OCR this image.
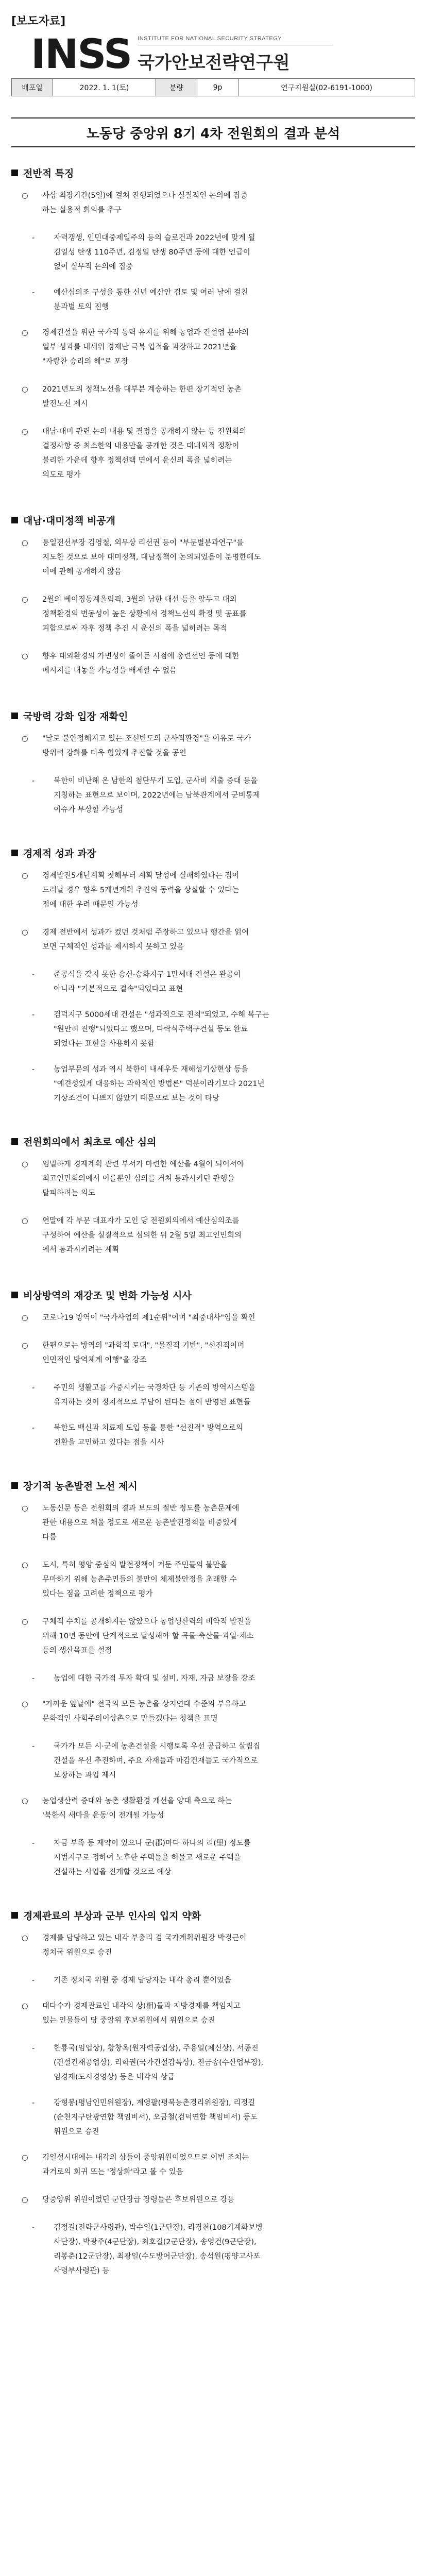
[보도자료]
INSS INSTITUTE FOR NATIONAL SECURITY STRATEGY
국가안보전략연구원
배포일	2022. 1. 1(토)	분량	9p	연구지원실(02-6191-1000)
노동당 중앙위 8기 4차 전원회의 결과 분석
전반적 특징
○ 사상 최장기간(5일)에 걸쳐 진행되었으나 실질적인 논의에 집중
하는 실용적 회의를 추구
-	자력갱생, 인민대중제일주의 등의 슬로건과 2022년에 맞게 될
김일성 탄생 110주년, 김정일 탄생 80주년 등에 대한 언급이
없이 실무적 논의에 집중
-	예산심의조 구성을 통한 신년 예산안 검토 및 여러 날에 걸친
분과별 토의 진행
○ 경제건설을 위한 국가적 동력 유지를 위해 농업과 건설업 분야의
일부 성과를 내세워 경제난 극복 업적을 과장하고 2021년을
"자랑찬 승리의 해"로 포장
○ 2021년도의 정책노선을 대부분 계승하는 한편 장기적인 농촌
발전노선 제시
○ 대남·대미 관련 논의 내용 및 결정을 공개하지 않는 등 전원회의
결정사항 중 최소한의 내용만을 공개한 것은 대내외적 정황이
불리한 가운데 향후 정책선택 면에서 운신의 폭을 넓히려는
의도로 평가
대남·대미정책 비공개
○ 통일전선부장 김영철, 외무상 리선권 등이 "부문별분과연구"를
지도한 것으로 보아 대미정책, 대남정책이 논의되었음이 분명한데도
이에 관해 공개하지 않음
○ 2월의 베이징동계올림픽, 3월의 남한 대선 등을 앞두고 대외
정책환경의 변동성이 높은 상황에서 정책노선의 확정 및 공표를
피함으로써 자후 정책 추진 시 운신의 폭을 넓히려는 목적
○ 향후 대외환경의 가변성이 줄어든 시점에 총련선언 등에 대한
메시지를 내놓을 가능성을 배제할 수 없음
국방력 강화 입장 재확인
○ "날로 불안정해지고 있는 조선반도의 군사적환경"을 이유로 국가
방위력 강화를 더욱 힘있게 추진할 것을 공언
-	북한이 비난해 온 남한의 첨단무기 도입, 군사비 지출 증대 등을
지칭하는 표현으로 보이며, 2022년에는 남북관계에서 군비통제
이슈가 부상할 가능성
경제적 성과 과장
○ 경제발전5개년계획 첫해부터 계획 달성에 실패하였다는 점이
드러날 경우 향후 5개년계획 추진의 동력을 상실할 수 있다는
점에 대한 우려 때문일 가능성
○ 경제 전반에서 성과가 컸던 것처럼 주장하고 있으나 행간을 읽어
보면 구체적인 성과를 제시하지 못하고 있음
-	준공식을 갖지 못한 송신·송화지구 1만세대 건설은 완공이
아니라 "기본적으로 결속"되었다고 표현
-	검덕지구 5000세대 건설은 "성과적으로 진척"되었고, 수해 복구는
"원만히 진행"되었다고 했으며, 다락식주택구건설 등도 완료
되었다는 표현을 사용하지 못함
-	농업부문의 성과 역시 북한이 내세우듯 재해성기상현상 등을
"예견성있게 대응하는 과학적인 방법론" 덕분이라기보다 2021년
기상조건이 나쁘지 않았기 때문으로 보는 것이 타당
전원회의에서 최초로 예산 심의
○ 엄밀하게 경제계획 관련 부서가 마련한 예산을 4월이 되어서야
최고인민회의에서 이를뿐인 심의를 거쳐 통과시키던 관행을
탈피하려는 의도
○ 연말에 각 부문 대표자가 모인 당 전원회의에서 예산심의조를
구성하여 예산을 실질적으로 심의한 뒤 2월 5일 최고인민회의
에서 통과시키려는 계획
비상방역의 재강조 및 변화 가능성 시사
○ 코로나19 방역이 "국가사업의 제1순위"이며 "최중대사"임을 확인
○ 한편으로는 방역의 "과학적 토대", "물질적 기반", "선진적이며
인민적인 방역체계 이행"을 강조
-	주민의 생활고를 가중시키는 국경차단 등 기존의 방역시스템을
유지하는 것이 정치적으로 부담이 된다는 점이 반영된 표현들
-	북한도 백신과 치료제 도입 등을 통한 "선진적" 방역으로의
전환을 고민하고 있다는 점을 시사
장기적 농촌발전 노선 제시
○ 노동신문 등은 전원회의 결과 보도의 절반 정도를 농촌문제에
관한 내용으로 채울 정도로 새로운 농촌발전정책을 비중있게
다룸
○ 도시, 특히 평양 중심의 발전정책이 거둔 주민들의 불만을
무마하기 위해 농촌주민들의 불만이 체제불안정을 초래할 수
있다는 점을 고려한 정책으로 평가
○ 구체적 수치를 공개하지는 않았으나 농업생산력의 비약적 발전을
위해 10년 동안에 단계적으로 달성해야 할 곡물·축산물·과일·채소
등의 생산목표를 설정
-	농업에 대한 국가적 투자 확대 및 설비, 자재, 자금 보장을 강조
○ "가까운 앞날에" 전국의 모든 농촌을 상지연대 수준의 부유하고
문화적인 사회주의이상촌으로 만들겠다는 청책을 표명
-	국가가 모든 시·군에 농촌건설을 시행토록 우선 공급하고 살림집
건설을 우선 추진하며, 주요 자재들과 마감건재들도 국가적으로
보장하는 과업 제시
○ 농업생산력 증대와 농촌 생활환경 개선을 양대 축으로 하는
'북한식 새마을 운동'이 전개될 가능성
-	자금 부족 등 제약이 있으나 군(郡)마다 하나의 리(里) 정도를
시범지구로 정하여 노후한 주택들을 허물고 새로운 주택을
건설하는 사업을 진개할 것으로 예상
경제관료의 부상과 군부 인사의 입지 약화
○ 경제를 담당하고 있는 내각 부총리 겸 국가계획위원장 박정근이
정치국 위원으로 승진
-	기존 정치국 위원 중 경제 담당자는 내각 총리 뿐이었음
○ 대다수가 경제관료인 내각의 상(相)들과 지방경제를 책임지고
있는 인물들이 당 중앙위 후보위원에서 위원으로 승진
-	한룡국(임업상), 황창옥(원자력공업상), 주용일(체신상), 서종진
(건설건재공업상), 리학권(국가건설감독상), 진금송(수산업부장),
임경재(도시경영상) 등은 내각의 상급
-	강형봉(평남인민위원장), 계영팔(평북농촌경리위원장), 리정길
(순천지구탄광연합 책임비서), 오금철(검덕연합 책임비서) 등도
위원으로 승진
○ 김일성시대에는 내각의 상들이 중앙위원이었으므로 이번 조치는
과거로의 회귀 또는 '정상화'라고 볼 수 있음
○ 당중앙위 위원이었던 군단장급 장령들은 후보위원으로 강등
-	김정길(전략군사령관), 박수일(1군단장), 리경천(108기계화보병
사단장), 박광주(4군단장), 최호길(2군단장), 송영건(9군단장),
리봉춘(12군단장), 최광일(수도방어군단장), 송석원(평양고사포
사령부사령관) 등
